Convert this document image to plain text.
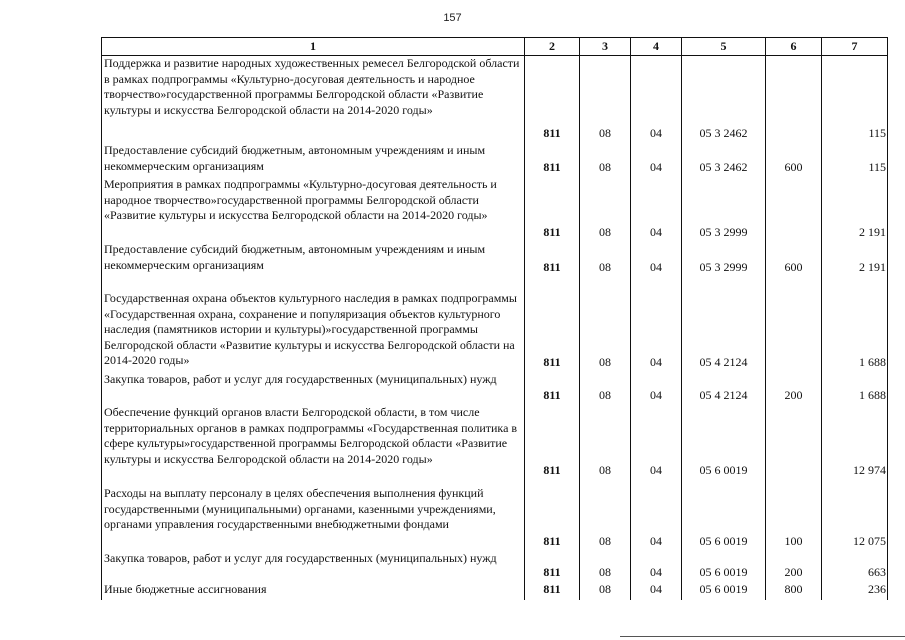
157
1	2	3	4	5	6	7
Поддержка и развитие народных художественных ремесел Белгородской области в рамках подпрограммы «Культурно-досуговая деятельность и народное творчество»государственной программы Белгородской области «Развитие культуры и искусства Белгородской области на 2014-2020 годы»	811	08	04	05 3 2462		115
Предоставление субсидий бюджетным, автономным учреждениям и иным некоммерческим организациям	811	08	04	05 3 2462	600	115
Мероприятия в рамках подпрограммы «Культурно-досуговая деятельность и народное творчество»государственной программы Белгородской области «Развитие культуры и искусства Белгородской области на 2014-2020 годы»	811	08	04	05 3 2999		2 191
Предоставление субсидий бюджетным, автономным учреждениям и иным некоммерческим организациям	811	08	04	05 3 2999	600	2 191
Государственная охрана объектов культурного наследия в рамках подпрограммы «Государственная охрана, сохранение и популяризация объектов культурного наследия (памятников истории и культуры)»государственной программы Белгородской области «Развитие культуры и искусства Белгородской области на 2014-2020 годы»	811	08	04	05 4 2124		1 688
Закупка товаров, работ и услуг для государственных (муниципальных) нужд	811	08	04	05 4 2124	200	1 688
Обеспечение функций органов власти Белгородской области, в том числе территориальных органов в рамках подпрограммы «Государственная политика в сфере культуры»государственной программы Белгородской области «Развитие культуры и искусства Белгородской области на 2014-2020 годы»	811	08	04	05 6 0019		12 974
Расходы на выплату персоналу в целях обеспечения выполнения функций государственными (муниципальными) органами, казенными учреждениями, органами управления государственными внебюджетными фондами	811	08	04	05 6 0019	100	12 075
Закупка товаров, работ и услуг для государственных (муниципальных) нужд	811	08	04	05 6 0019	200	663
Иные бюджетные ассигнования	811	08	04	05 6 0019	800	236
